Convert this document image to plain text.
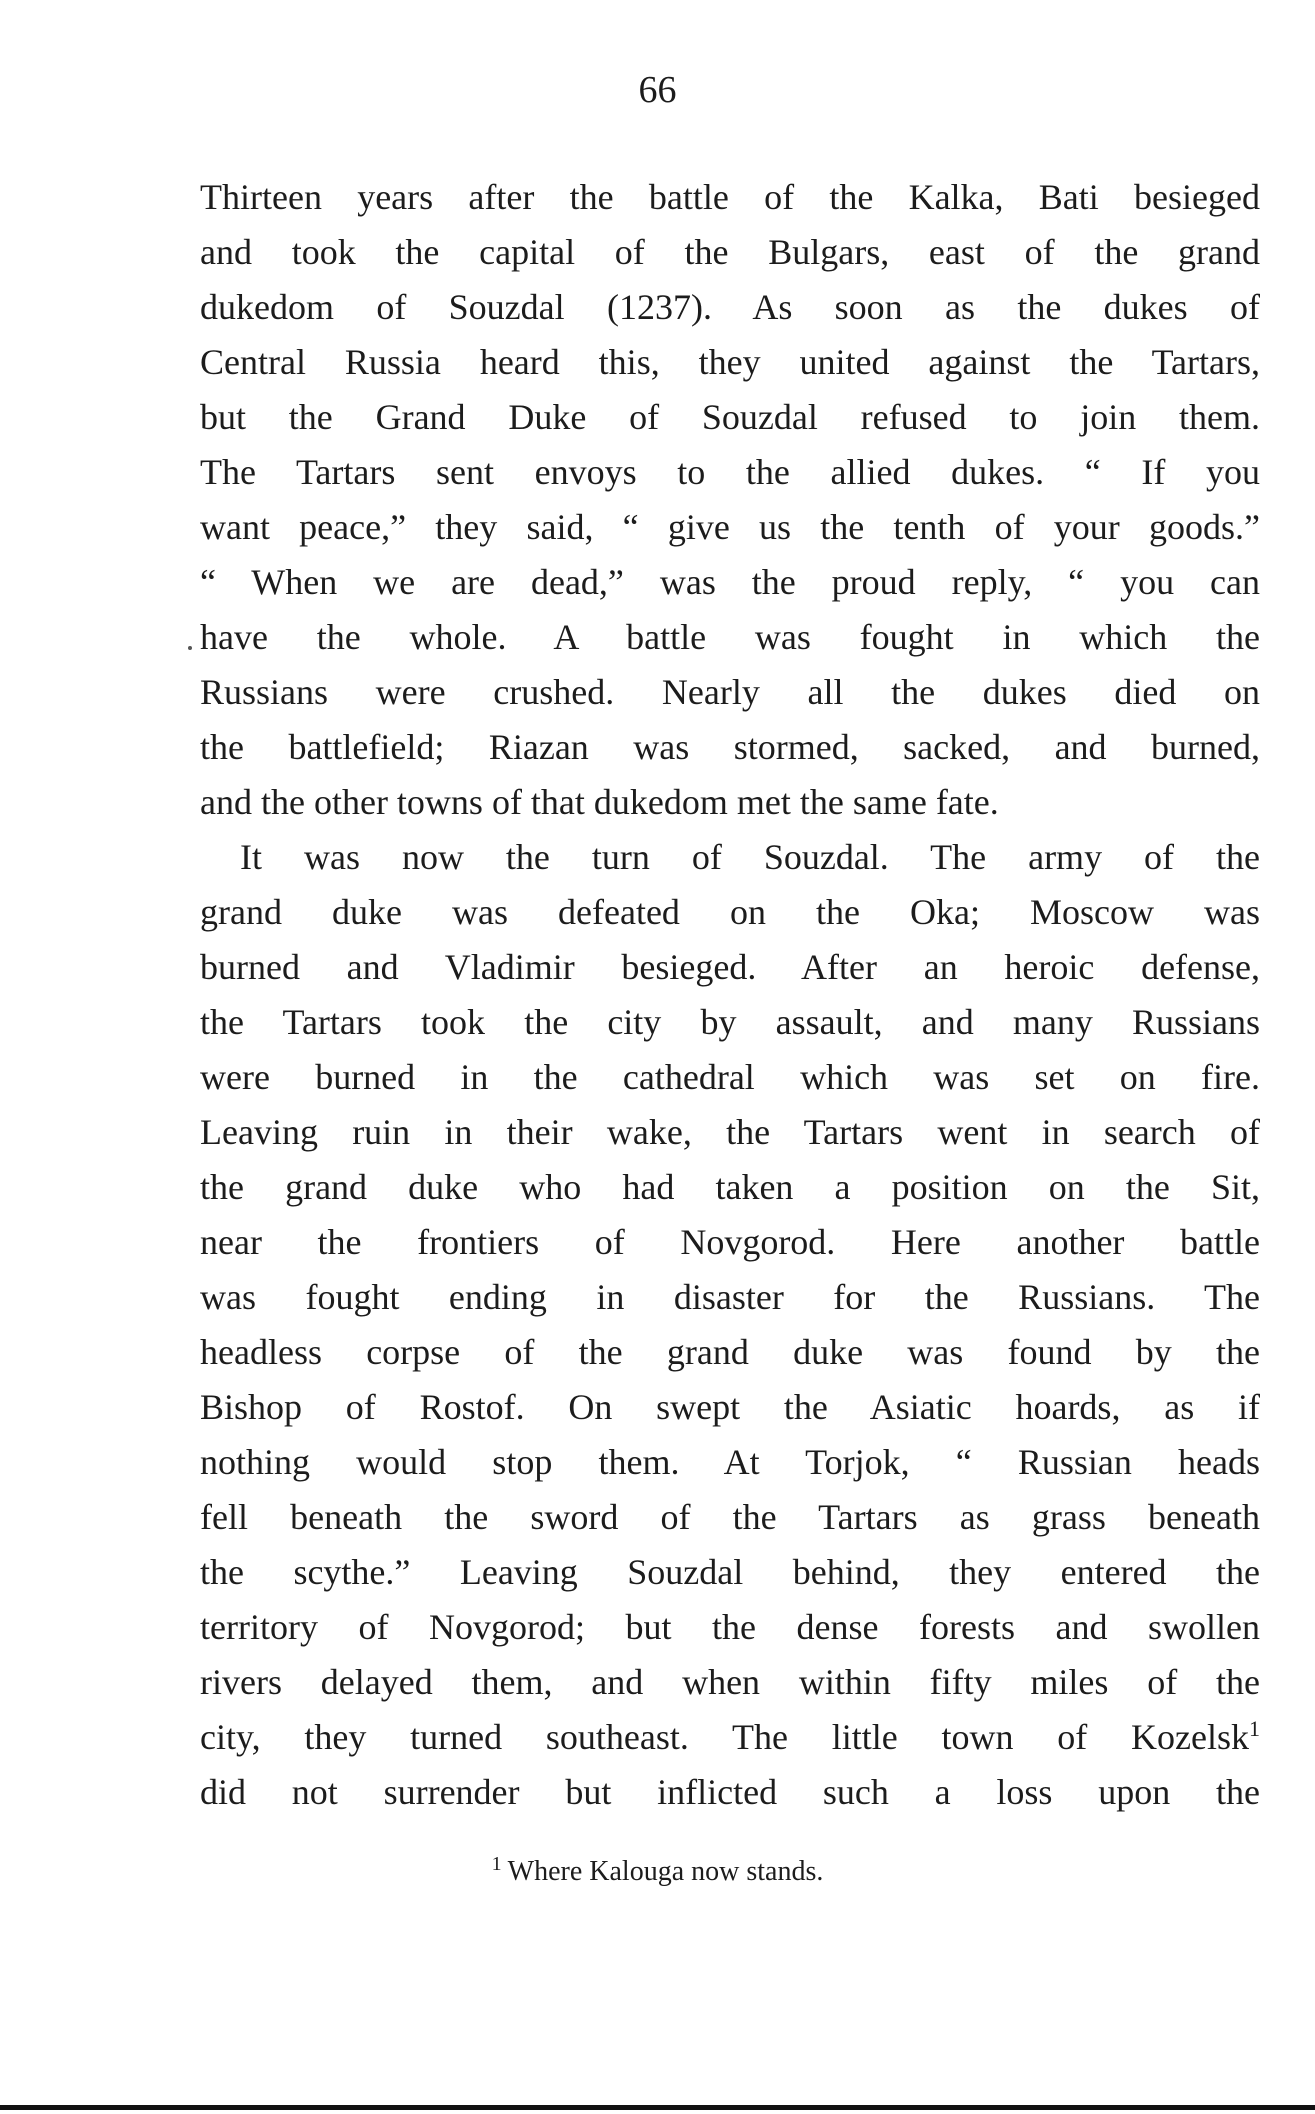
66
Thirteen years after the battle of the Kalka, Bati besieged
and took the capital of the Bulgars, east of the grand
dukedom of Souzdal (1237). As soon as the dukes of
Central Russia heard this, they united against the Tartars,
but the Grand Duke of Souzdal refused to join them.
The Tartars sent envoys to the allied dukes. “ If you
want peace,” they said, “ give us the tenth of your goods.”
“ When we are dead,” was the proud reply, “ you can
have the whole. A battle was fought in which the
Russians were crushed. Nearly all the dukes died on
the battlefield; Riazan was stormed, sacked, and burned,
and the other towns of that dukedom met the same fate.
It was now the turn of Souzdal. The army of the
grand duke was defeated on the Oka; Moscow was
burned and Vladimir besieged. After an heroic defense,
the Tartars took the city by assault, and many Russians
were burned in the cathedral which was set on fire.
Leaving ruin in their wake, the Tartars went in search of
the grand duke who had taken a position on the Sit,
near the frontiers of Novgorod. Here another battle
was fought ending in disaster for the Russians. The
headless corpse of the grand duke was found by the
Bishop of Rostof. On swept the Asiatic hoards, as if
nothing would stop them. At Torjok, “ Russian heads
fell beneath the sword of the Tartars as grass beneath
the scythe.” Leaving Souzdal behind, they entered the
territory of Novgorod; but the dense forests and swollen
rivers delayed them, and when within fifty miles of the
city, they turned southeast. The little town of Kozelsk$^1$
did not surrender but inflicted such a loss upon the
$^1$ Where Kalouga now stands.
